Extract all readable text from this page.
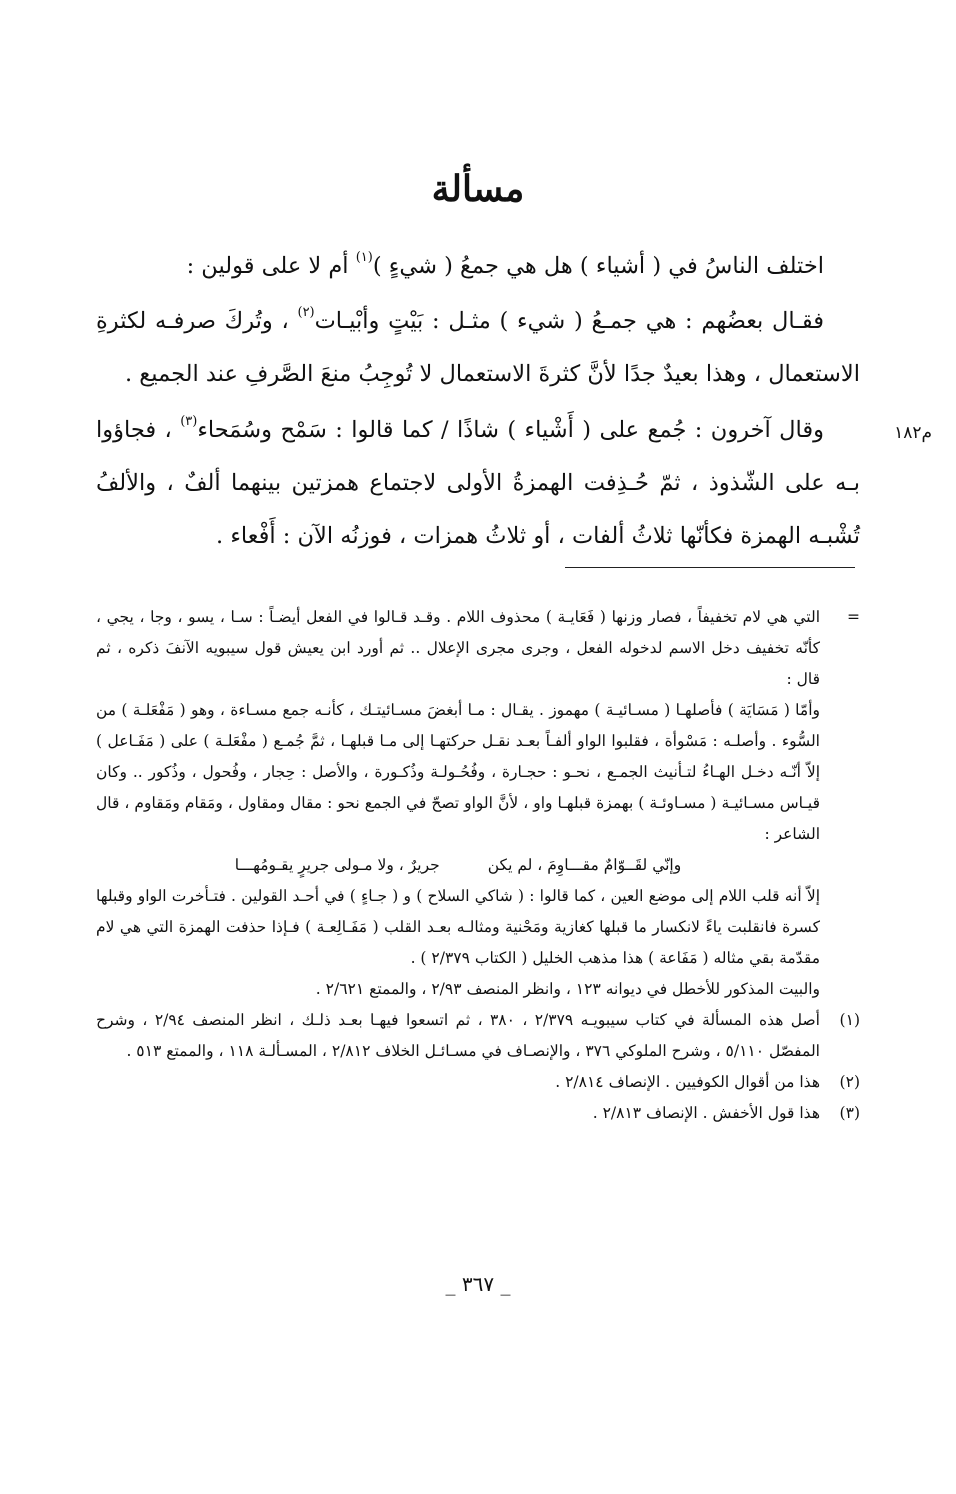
مسألة

اختلف الناسُ في ( أشياء ) هل هي جمعُ ( شيءٍ )$^{(١)}$ أم لا على قولين :

فقـال بعضُهم : هي جمـعُ ( شيء ) مثـل : بَيْتٍ وأبْيـات$^{(٢)}$ ، وتُركَ صرفـه لكثرةِ الاستعمال ، وهذا بعيدٌ جدًا لأنَّ كثرةَ الاستعمال لا تُوجِبُ منعَ الصَّرفِ عند الجميع .

م١٨٢

وقال آخرون : جُمع على ( أَشْياء ) شاذًا / كما قالوا : سَمْح وسُمَحاء$^{(٣)}$ ، فجاؤوا بـه على الشّذوذ ، ثمّ حُـذِفت الهمزةُ الأولى لاجتماع همزتين بينهما ألفٌ ، والألفُ تُشْبـه الهمزة فكأنّها ثلاثُ ألفات ، أو ثلاثُ همزات ، فوزنُه الآن : أَفْعاء .

=

التي هي لام تخفيفاً ، فصار وزنها ( فَعَايـة ) محذوف اللام . وقـد قـالوا في الفعل أيضـاً : سـا ، يسو ، وجا ، يجي ، كأنّه تخفيف دخل الاسم لدخوله الفعل ، وجرى مجرى الإعلال .. ثم أورد ابن يعيش قول سيبويه الآنفَ ذكره ، ثم قال :

وأمّا ( مَسَايَة ) فأصلهـا ( مسـائيـة ) مهموز . يقـال : مـا أبغضَ مسـائيتـك ، كأنـه جمع مسـاءة ، وهو ( مَفْعَلـة ) من السُّوء . وأصلـه : مَسْوأة ، فقلبوا الواو ألفـاً بعـد نقـل حركتهـا إلى مـا قبلهـا ، ثمَّ جُمـع ( مفْعَلـة ) على ( مَفَـاعل ) إلاّ أنّـه دخـل الهـاءُ لتـأنيث الجمـع ، نحـو : حجـارة ، وفُحُـولـة وذُكـورة ، والأصل : حِجار ، وفُحول ، وذُكور .. وكان قيـاس مسـائيـة ( مسـاوئـة ) بهمزة قبلهـا واو ، لأنَّ الواو تصحّ في الجمع نحو : مقال ومقاول ، ومَقام ومَقاوم ، قال الشاعر :

وإنّي لقَــوّامٌ مقـــاوِمَ ، لم يكن
جريرٌ ، ولا مـولى جريرٍ يقـومُهـــا

إلاّ أنه قلب اللام إلى موضع العين ، كما قالوا : ( شاكي السلاح ) و ( جـاءٍ ) في أحـد القولين . فتـأخرت الواو وقبلها كسرة فانقلبت ياءً لانكسار ما قبلها كغازية ومَحْنية ومثالـه بعـد القلب ( مَفَـالِعـة ) فـإذا حذفت الهمزة التي هي لام مقدّمة بقي مثاله ( مَفَاعة ) هذا مذهب الخليل ( الكتاب ٢/٣٧٩ ) .

والبيت المذكور للأخطل في ديوانه ١٢٣ ، وانظر المنصف ٢/٩٣ ، والممتع ٢/٦٢١ .

(١)

أصل هذه المسألة في كتاب سيبويـه ٢/٣٧٩ ، ٣٨٠ ، ثم اتسعوا فيهـا بعـد ذلـك ، انظر المنصف ٢/٩٤ ، وشرح المفصّل ٥/١١٠ ، وشرح الملوكي ٣٧٦ ، والإنصـاف في مسـائـل الخلاف ٢/٨١٢ ، المسـألـة ١١٨ ، والممتع ٥١٣ .

(٢)

هذا من أقوال الكوفيين . الإنصاف ٢/٨١٤ .

(٣)

هذا قول الأخفش . الإنصاف ٢/٨١٣ .

_ ٣٦٧ _
